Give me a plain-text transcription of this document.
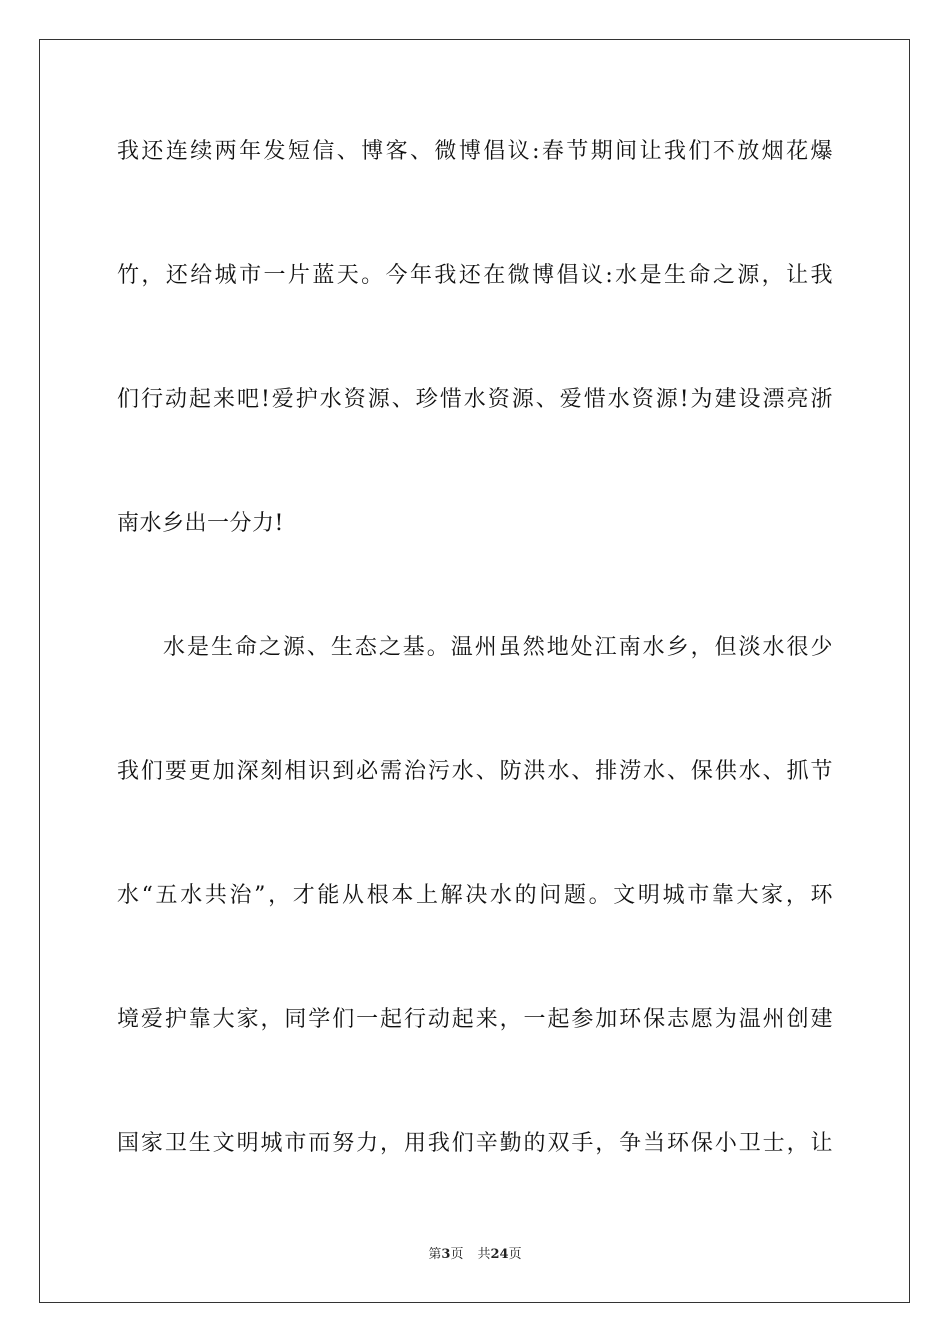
我还连续两年发短信、博客、微博倡议:春节期间让我们不放烟花爆
竹，还给城市一片蓝天。今年我还在微博倡议:水是生命之源，让我
们行动起来吧!爱护水资源、珍惜水资源、爱惜水资源!为建设漂亮浙
南水乡出一分力!
水是生命之源、生态之基。温州虽然地处江南水乡，但淡水很少
我们要更加深刻相识到必需治污水、防洪水、排涝水、保供水、抓节
水“五水共治”，才能从根本上解决水的问题。文明城市靠大家，环
境爱护靠大家，同学们一起行动起来，一起参加环保志愿为温州创建
国家卫生文明城市而努力，用我们辛勤的双手，争当环保小卫士，让
第3页 共24页
